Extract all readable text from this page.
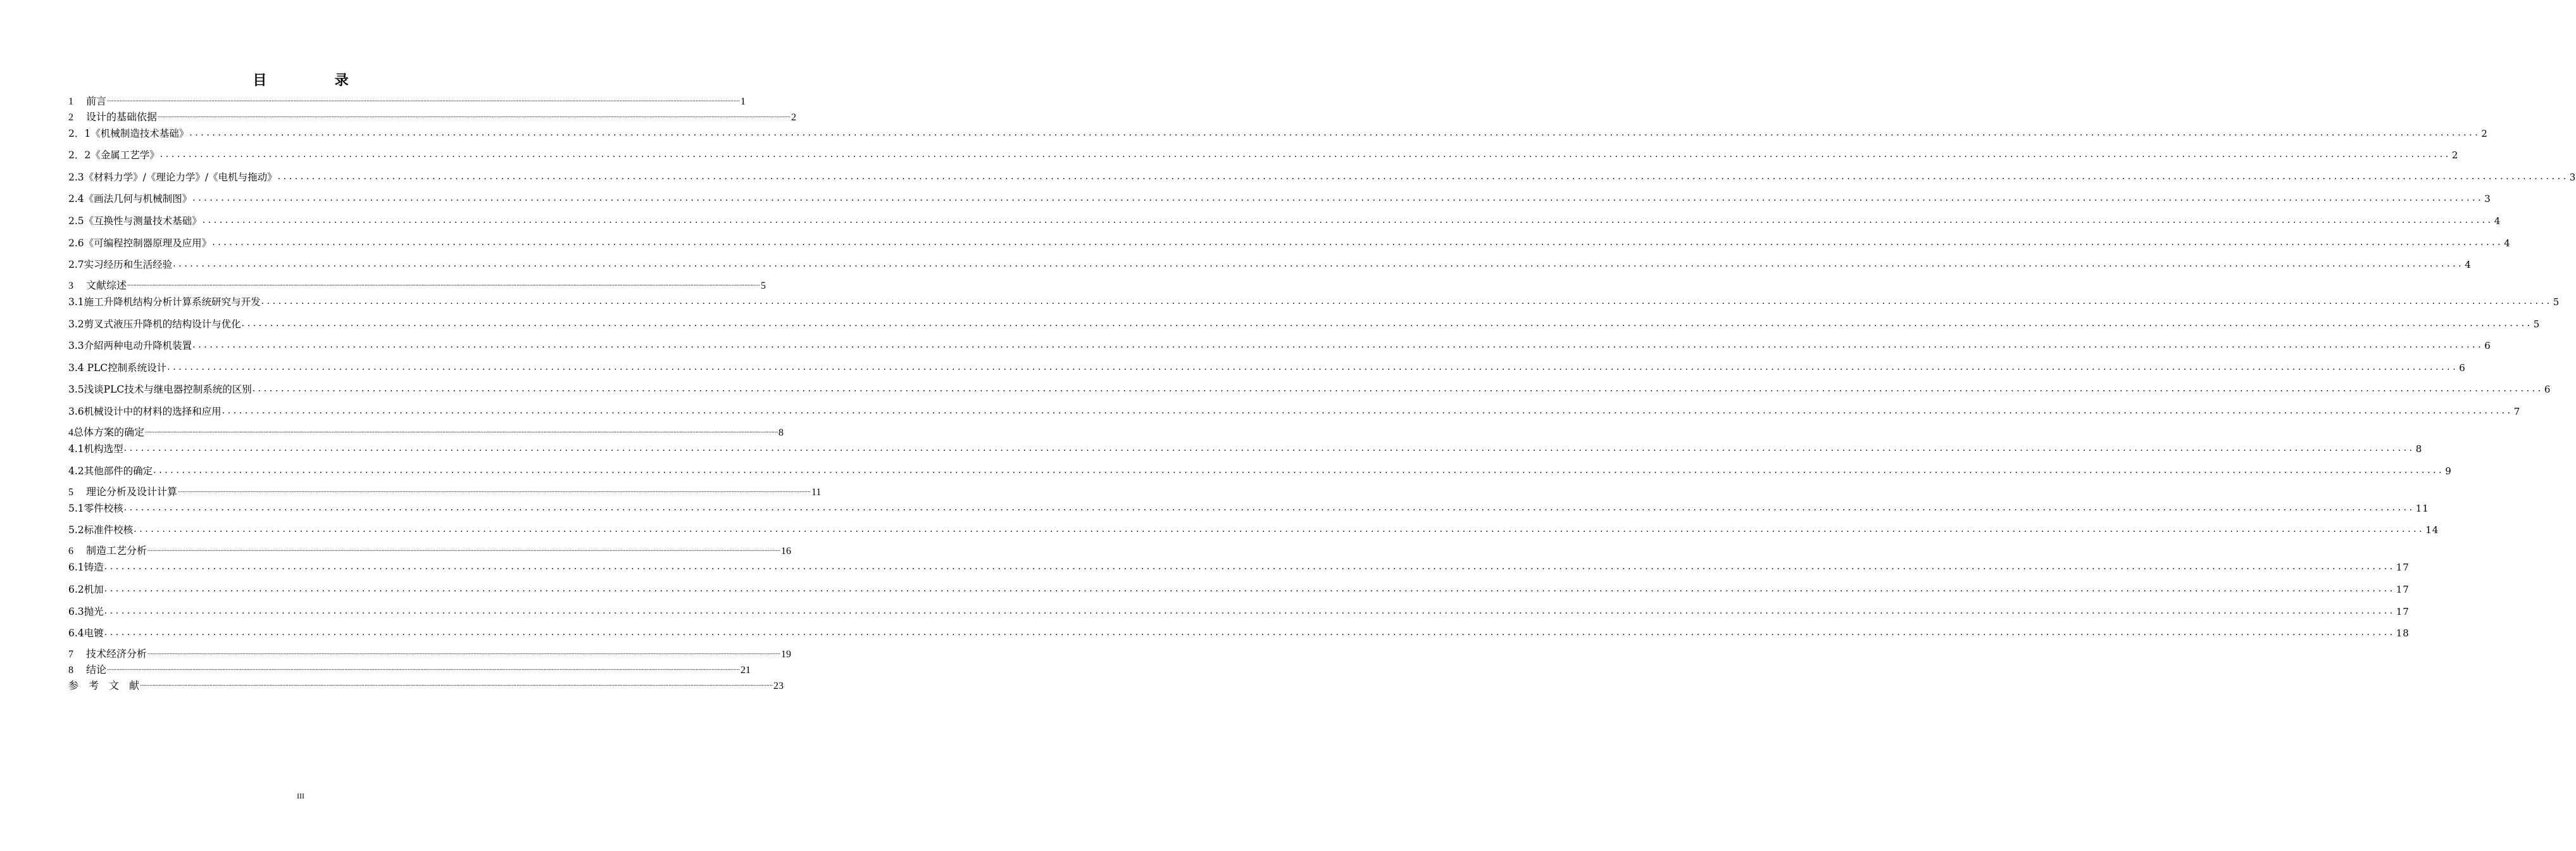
目	录
1　 前言 ................................................................................................................................................................................................................................................................................................................................................................................................................ 1
2　 设计的基础依据 ................................................................................................................................................................................................................................................................................................................................................................................................................ 2
2．1《机械制造技术基础》 ................................................................................................................................................................................................................................................................................................................................................................................................................ 2
2．2《金属工艺学》 ................................................................................................................................................................................................................................................................................................................................................................................................................ 2
2.3《材料力学》/《理论力学》/《电机与拖动》 ................................................................................................................................................................................................................................................................................................................................................................................................................ 3
2.4《画法几何与机械制图》 ................................................................................................................................................................................................................................................................................................................................................................................................................ 3
2.5《互换性与测量技术基础》 ................................................................................................................................................................................................................................................................................................................................................................................................................ 4
2.6《可编程控制器原理及应用》 ................................................................................................................................................................................................................................................................................................................................................................................................................ 4
2.7实习经历和生活经验 ................................................................................................................................................................................................................................................................................................................................................................................................................ 4
3　 文献综述 ................................................................................................................................................................................................................................................................................................................................................................................................................ 5
3.1施工升降机结构分析计算系统研究与开发 ................................................................................................................................................................................................................................................................................................................................................................................................................ 5
3.2剪叉式液压升降机的结构设计与优化 ................................................................................................................................................................................................................................................................................................................................................................................................................ 5
3.3介紹两种电动升降机装置 ................................................................................................................................................................................................................................................................................................................................................................................................................ 6
3.4 PLC控制系统设计 ................................................................................................................................................................................................................................................................................................................................................................................................................ 6
3.5浅谈PLC技术与继电器控制系统的区别 ................................................................................................................................................................................................................................................................................................................................................................................................................ 6
3.6机械设计中的材料的选择和应用 ................................................................................................................................................................................................................................................................................................................................................................................................................ 7
4总体方案的确定 ................................................................................................................................................................................................................................................................................................................................................................................................................ 8
4.1机构选型 ................................................................................................................................................................................................................................................................................................................................................................................................................ 8
4.2其他部件的确定 ................................................................................................................................................................................................................................................................................................................................................................................................................ 9
5　 理论分析及设计计算 ................................................................................................................................................................................................................................................................................................................................................................................................................ 11
5.1零件校核 ................................................................................................................................................................................................................................................................................................................................................................................................................ 11
5.2标准件校核 ................................................................................................................................................................................................................................................................................................................................................................................................................ 14
6　 制造工艺分析 ................................................................................................................................................................................................................................................................................................................................................................................................................ 16
6.1铸造 ................................................................................................................................................................................................................................................................................................................................................................................................................ 17
6.2机加 ................................................................................................................................................................................................................................................................................................................................................................................................................ 17
6.3抛光 ................................................................................................................................................................................................................................................................................................................................................................................................................ 17
6.4电镀 ................................................................................................................................................................................................................................................................................................................................................................................................................ 18
7　 技术经济分析 ................................................................................................................................................................................................................................................................................................................................................................................................................ 19
8　 结论 ................................................................................................................................................................................................................................................................................................................................................................................................................ 21
参　考　文　献 ................................................................................................................................................................................................................................................................................................................................................................................................................ 23
III
